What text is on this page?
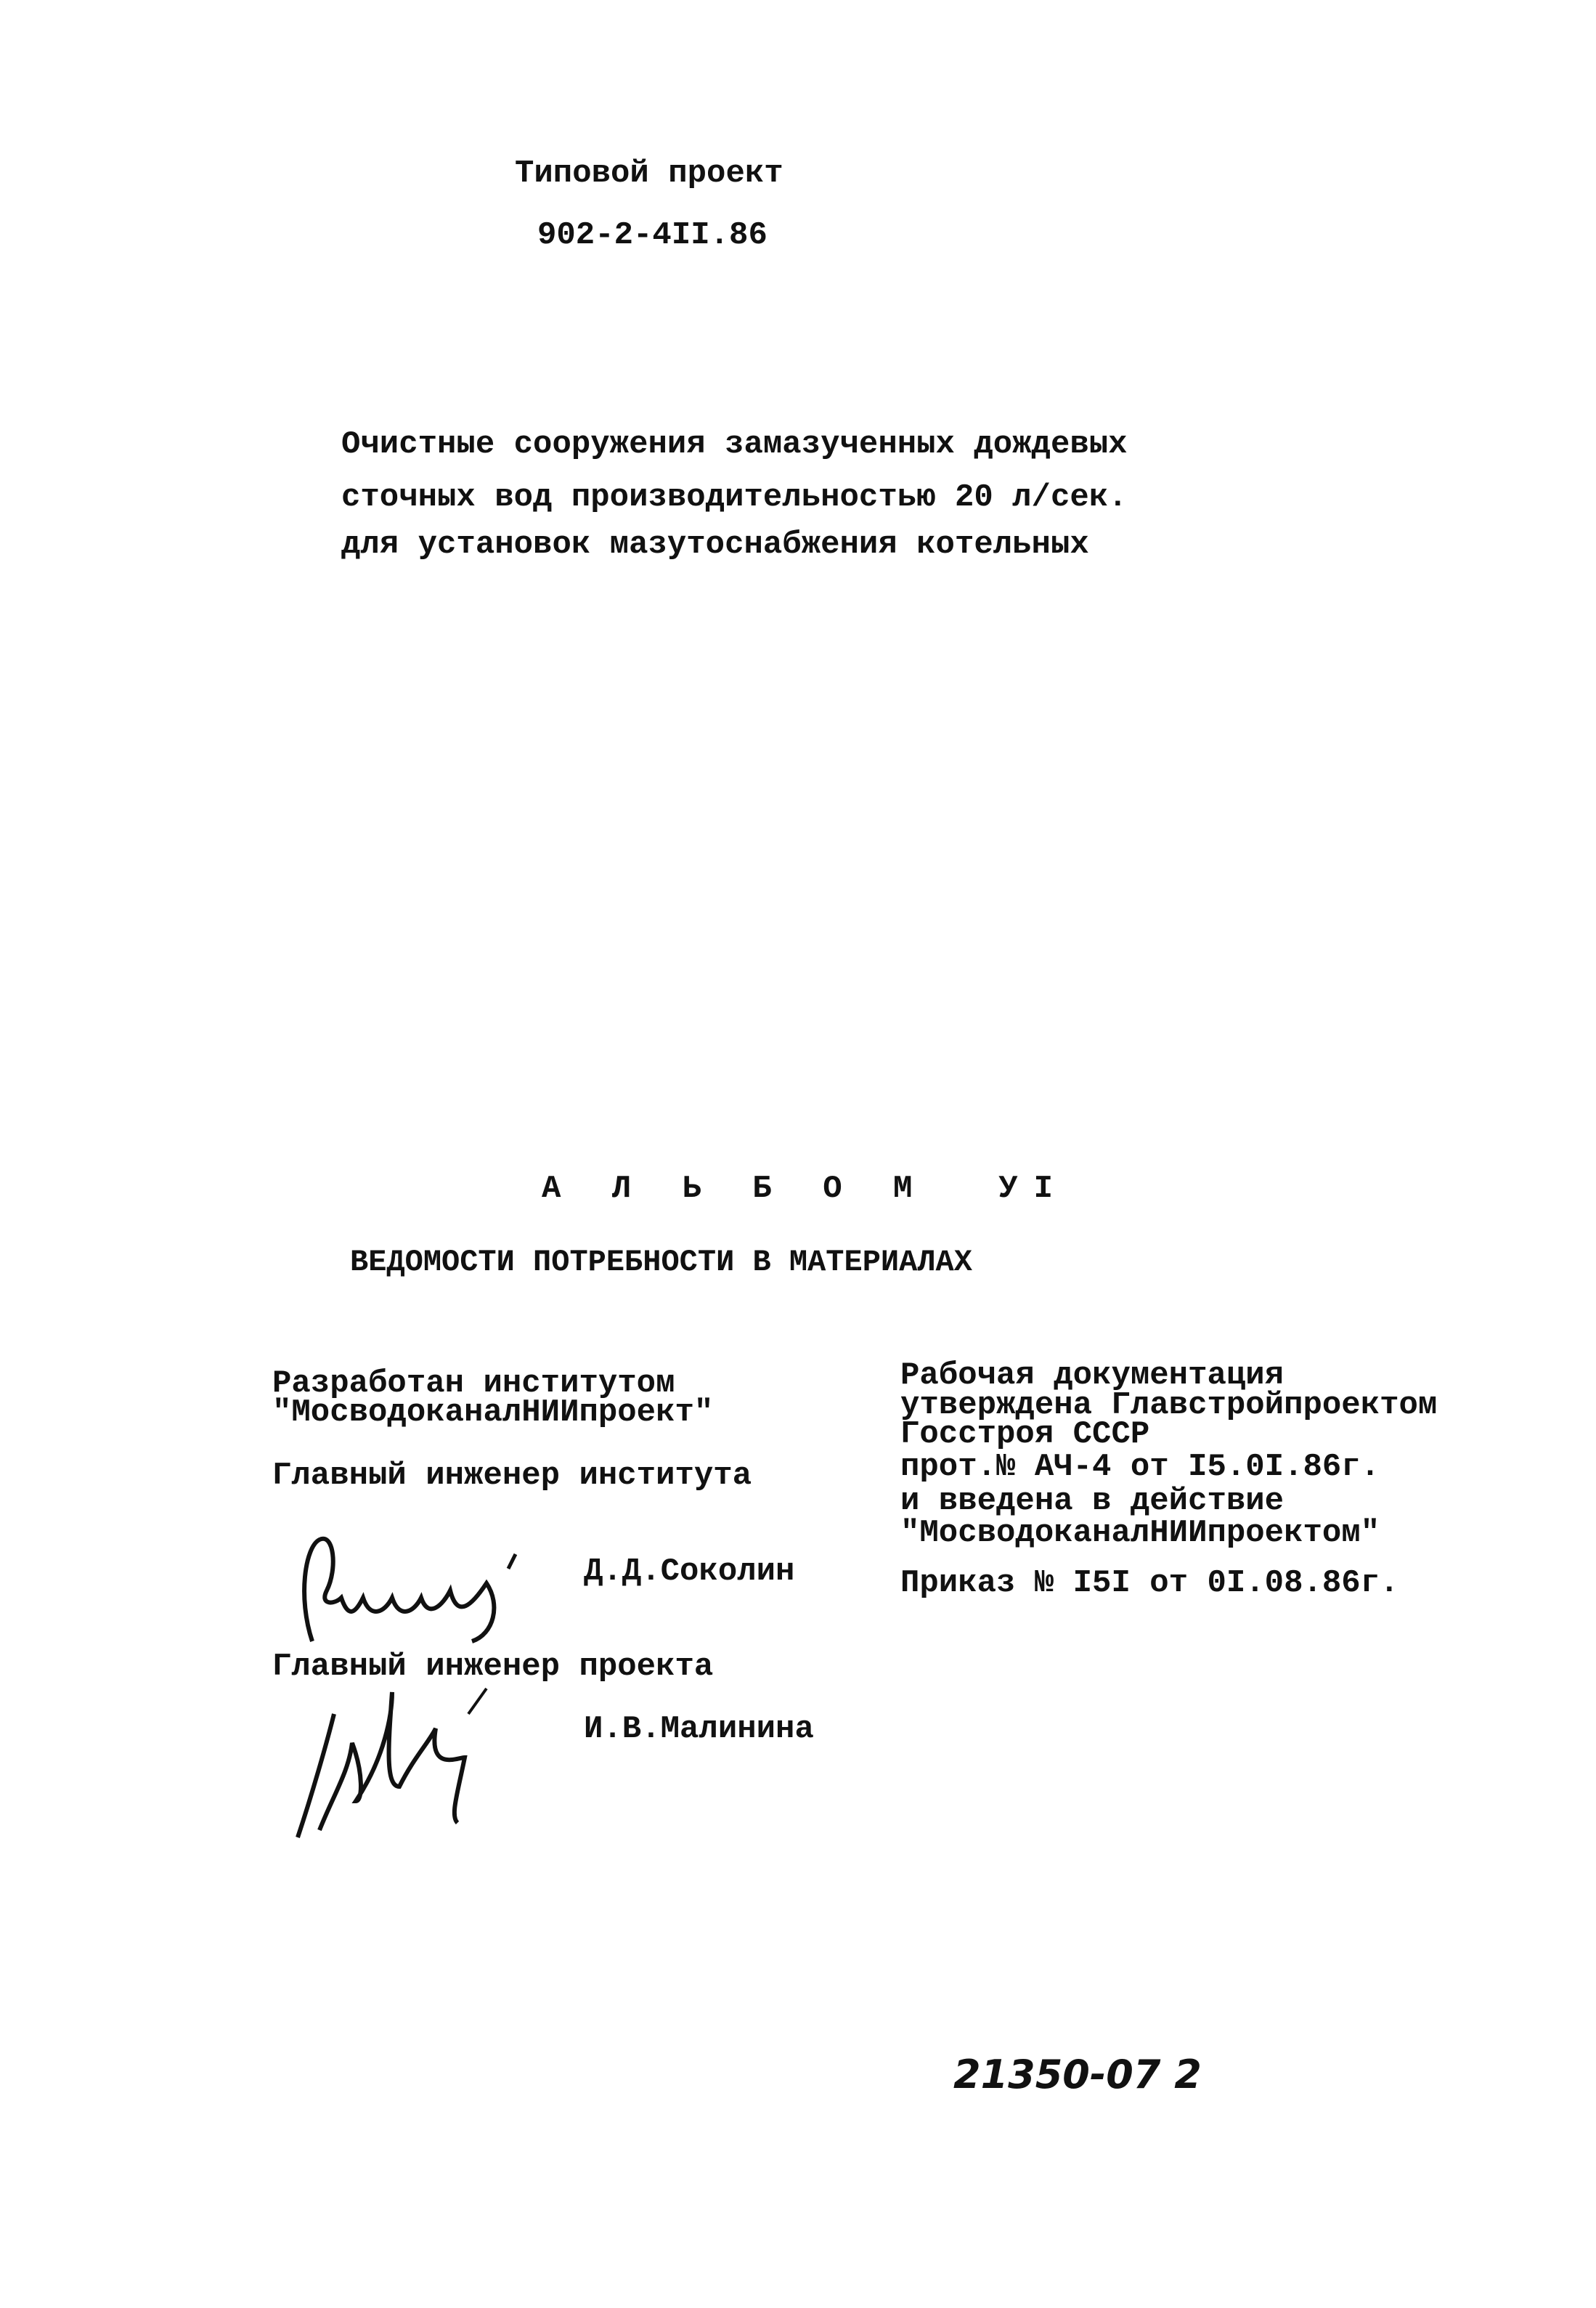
Типовой проект
902-2-4II.86
Очистные сооружения замазученных дождевых
сточных вод производительностью 20 л/сек.
для установок мазутоснабжения котельных
А Л Ь Б О М  УI
ВЕДОМОСТИ ПОТРЕБНОСТИ В МАТЕРИАЛАХ
Разработан институтом
"МосводоканалНИИпроект"
Главный инженер института
Д.Д.Соколин
Главный инженер проекта
И.В.Малинина
Рабочая документация
утверждена Главстройпроектом
Госстроя СССР
прот.№ АЧ-4 от I5.0I.86г.
и введена в действие
"МосводоканалНИИпроектом"
Приказ № I5I от 0I.08.86г.
21350-07 2
